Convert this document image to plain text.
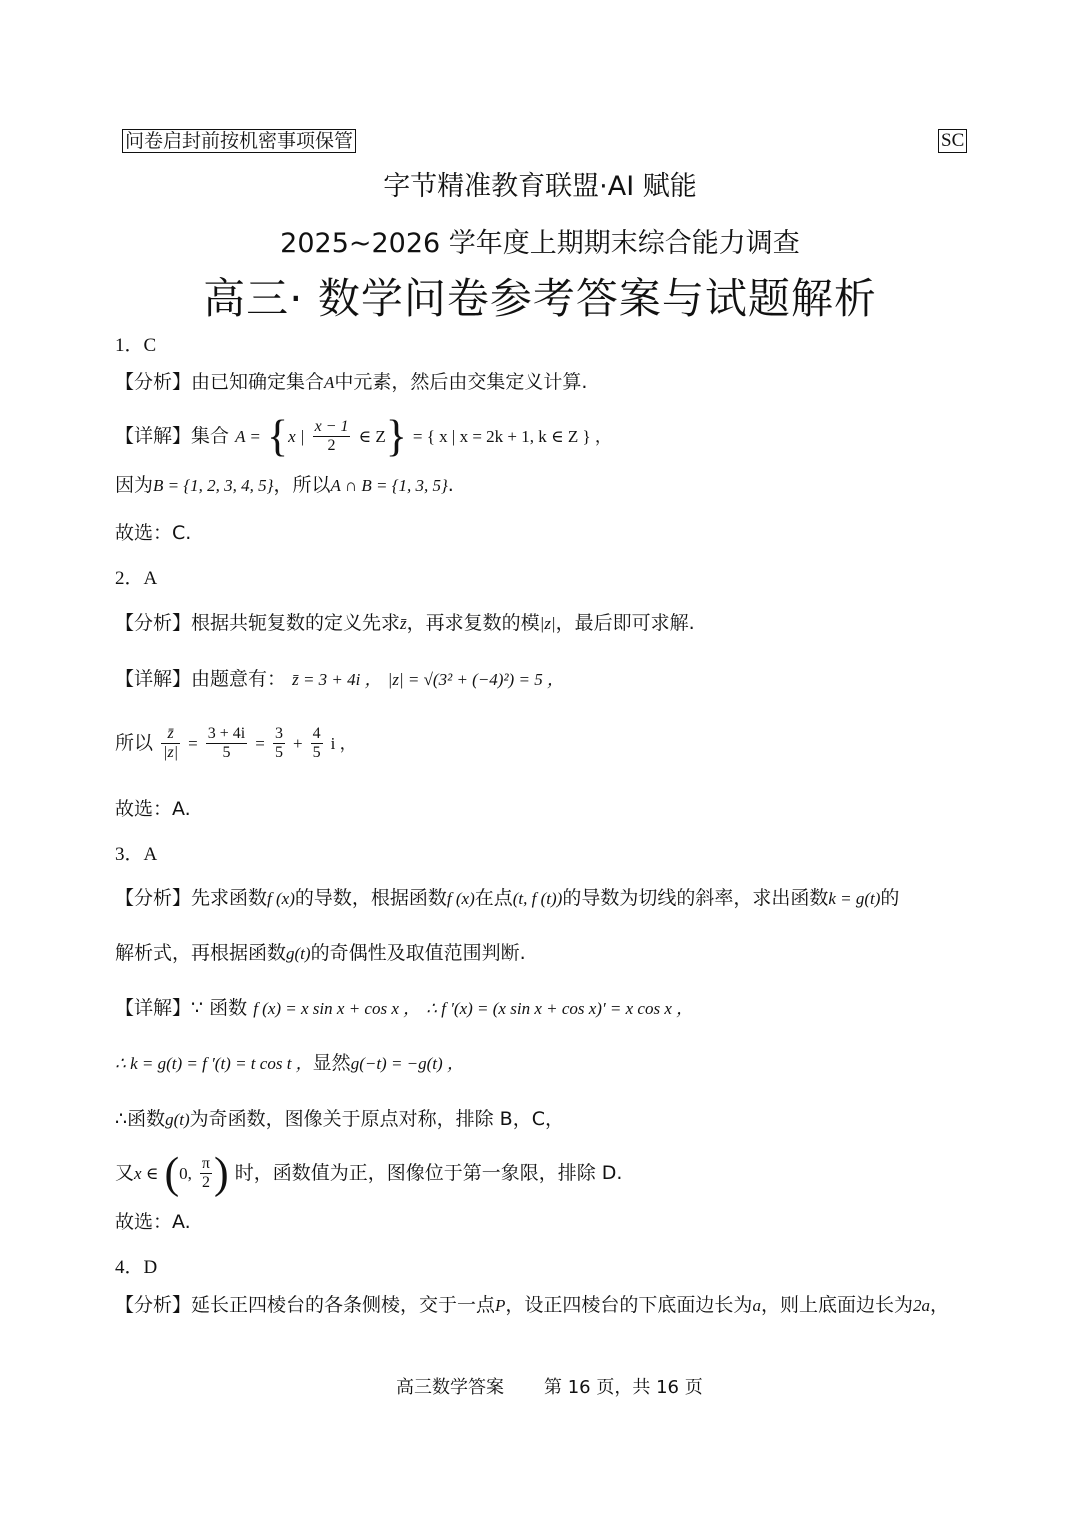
问卷启封前按机密事项保管	SC
字节精准教育联盟·AI 赋能
2025~2026 学年度上期期末综合能力调查
高三· 数学问卷参考答案与试题解析
1．C
【分析】由已知确定集合A中元素，然后由交集定义计算.
【详解】集合 A = {x | $\frac{x - 1}{2}$ ∈ Z} = { x | x = 2k + 1, k ∈ Z } ，
因为B = {1, 2, 3, 4, 5}，所以A ∩ B = {1, 3, 5}.
故选：C.
2．A
【分析】根据共轭复数的定义先求z̄，再求复数的模|z|，最后即可求解.
【详解】由题意有： z̄ = 3 + 4i ， |z| = √(3² + (−4)²) = 5 ，
所以 $\frac{z̄}{|z|} = \frac{3 + 4i}{5} = \frac{3}{5} + \frac{4}{5}$ i ，
故选：A.
3．A
【分析】先求函数f (x)的导数，根据函数f (x)在点(t, f (t))的导数为切线的斜率，求出函数k = g(t)的
解析式，再根据函数g(t)的奇偶性及取值范围判断.
【详解】∵ 函数 f (x) = x sin x + cos x ， ∴ f ′(x) = (x sin x + cos x)′ = x cos x ，
∴ k = g(t) = f ′(t) = t cos t ，显然g(−t) = −g(t) ，
∴函数g(t)为奇函数，图像关于原点对称，排除 B，C，
又x ∈ (0, $\frac{\pi}{2}$ ) 时，函数值为正，图像位于第一象限，排除 D.
故选：A.
4．D
【分析】延长正四棱台的各条侧棱，交于一点P，设正四棱台的下底面边长为a，则上底面边长为2a，
高三数学答案 第 16 页，共 16 页
